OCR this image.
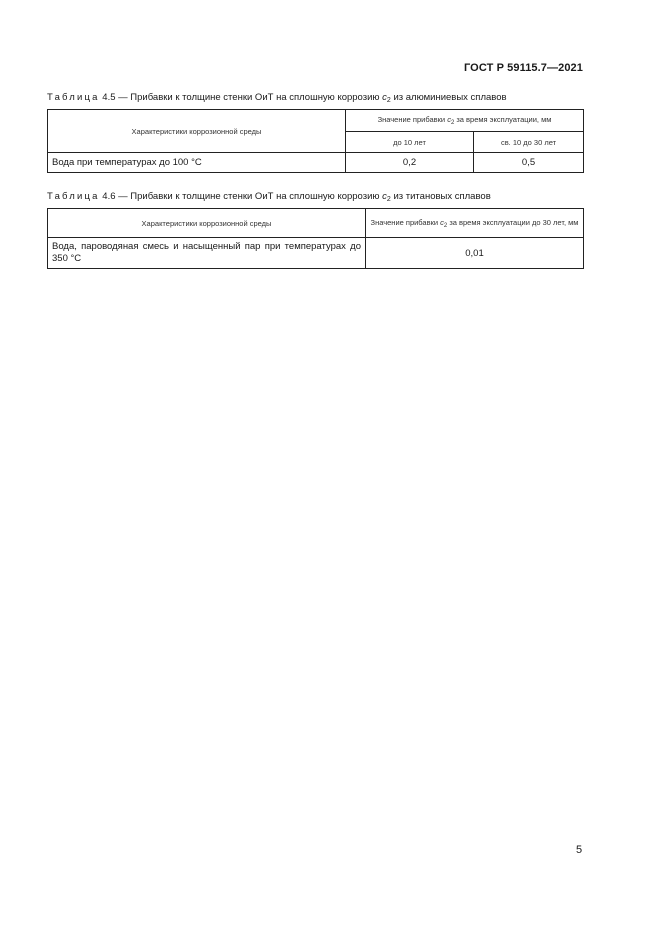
ГОСТ Р 59115.7—2021
Таблица 4.5 — Прибавки к толщине стенки ОиТ на сплошную коррозию $c_2$ из алюминиевых сплавов
Характеристики коррозионной среды	Значение прибавки $c_2$ за время эксплуатации, мм	
	до 10 лет	св. 10 до 30 лет
Вода при температурах до 100 °С	0,2	0,5
Таблица 4.6 — Прибавки к толщине стенки ОиТ на сплошную коррозию $c_2$ из титановых сплавов
Характеристики коррозионной среды	Значение прибавки $c_2$ за время эксплуатации до 30 лет, мм
Вода, пароводяная смесь и насыщенный пар при температурах до 350 °С	0,01
5
